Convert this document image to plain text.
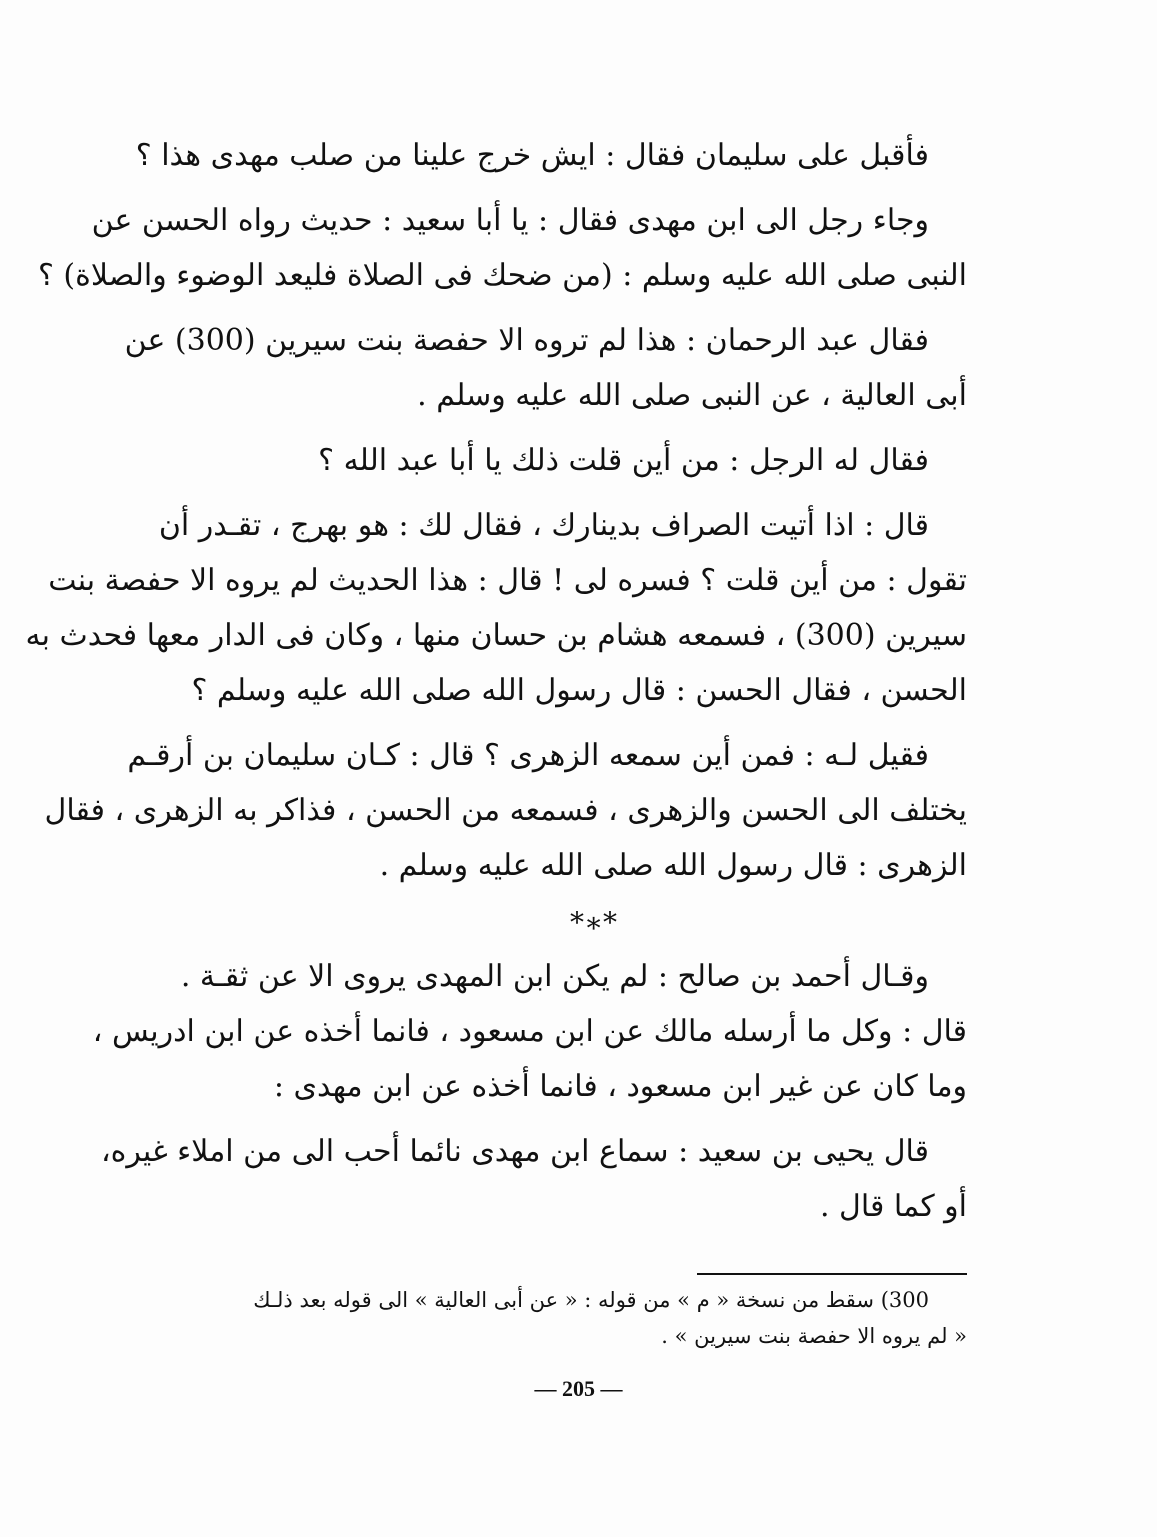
فأقبل على سليمان فقال : ايش خرج علينا من صلب مهدى هذا ؟
وجاء رجل الى ابن مهدى فقال : يا أبا سعيد : حديث رواه الحسن عن
النبى صلى الله عليه وسلم : (من ضحك فى الصلاة فليعد الوضوء والصلاة) ؟
فقال عبد الرحمان : هذا لم تروه الا حفصة بنت سيرين (300) عن
أبى العالية ، عن النبى صلى الله عليه وسلم .
فقال له الرجل : من أين قلت ذلك يا أبا عبد الله ؟
قال : اذا أتيت الصراف بدينارك ، فقال لك : هو بهرج ، تقـدر أن
تقول : من أين قلت ؟ فسره لى ! قال : هذا الحديث لم يروه الا حفصة بنت
سيرين (300) ، فسمعه هشام بن حسان منها ، وكان فى الدار معها فحدث به
الحسن ، فقال الحسن : قال رسول الله صلى الله عليه وسلم ؟
فقيل لـه : فمن أين سمعه الزهرى ؟ قال : كـان سليمان بن أرقـم
يختلف الى الحسن والزهرى ، فسمعه من الحسن ، فذاكر به الزهرى ، فقال
الزهرى : قال رسول الله صلى الله عليه وسلم .
*∗*
وقـال أحمد بن صالح : لم يكن ابن المهدى يروى الا عن ثقـة .
قال : وكل ما أرسله مالك عن ابن مسعود ، فانما أخذه عن ابن ادريس ،
وما كان عن غير ابن مسعود ، فانما أخذه عن ابن مهدى :
قال يحيى بن سعيد : سماع ابن مهدى نائما أحب الى من املاء غيره،
أو كما قال .
300) سقط من نسخة « م » من قوله : « عن أبى العالية » الى قوله بعد ذلـك
« لم يروه الا حفصة بنت سيرين » .
— 205 —
